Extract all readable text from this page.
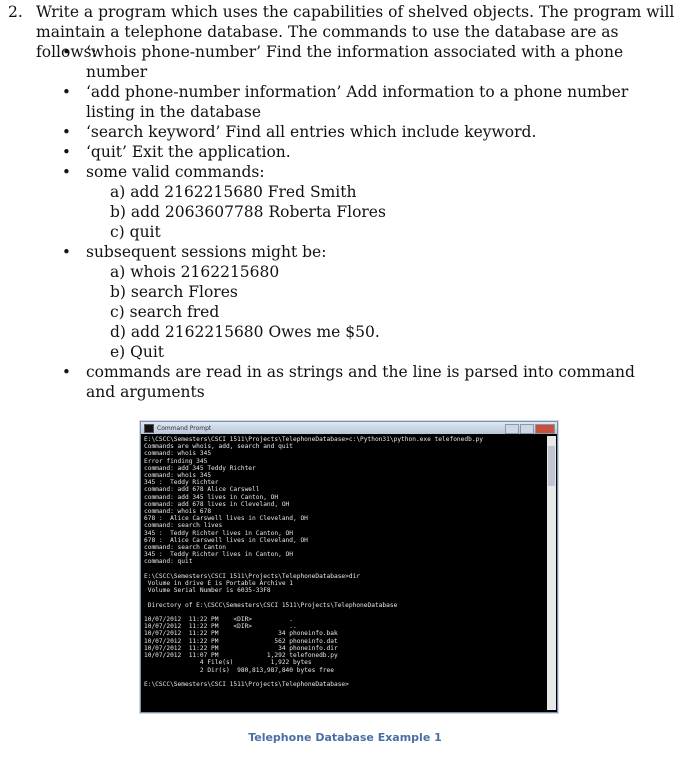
2. Write a program which uses the capabilities of shelved objects. The program will maintain a telephone database. The commands to use the database are as follows:

• ‘whois phone-number’ Find the information associated with a phone number

• ‘add phone-number information’ Add information to a phone number listing in the database

• ‘search keyword’ Find all entries which include keyword.

• ‘quit’ Exit the application.

• some valid commands:

a) add 2162215680 Fred Smith
b) add 2063607788 Roberta Flores
c) quit

• subsequent sessions might be:

a) whois 2162215680
b) search Flores
c) search fred
d) add 2162215680 Owes me $50.
e) Quit

• commands are read in as strings and the line is parsed into command and arguments

Command Prompt
E:\CSCC\Semesters\CSCI 1511\Projects\TelephoneDatabase>c:\Python31\python.exe telefonedb.py
Commands are whois, add, search and quit
command: whois 345
Error finding 345
command: add 345 Teddy Richter
command: whois 345
345 :  Teddy Richter
command: add 678 Alice Carswell
command: add 345 lives in Canton, OH
command: add 678 lives in Cleveland, OH
command: whois 678
678 :  Alice Carswell lives in Cleveland, OH
command: search lives
345 :  Teddy Richter lives in Canton, OH
678 :  Alice Carswell lives in Cleveland, OH
command: search Canton
345 :  Teddy Richter lives in Canton, OH
command: quit

E:\CSCC\Semesters\CSCI 1511\Projects\TelephoneDatabase>dir
Volume in drive E is Portable Archive 1
Volume Serial Number is 6035-33F8

Directory of E:\CSCC\Semesters\CSCI 1511\Projects\TelephoneDatabase

10/07/2012  11:22 PM    <DIR>          .
10/07/2012  11:22 PM    <DIR>          ..
10/07/2012  11:22 PM                34 phoneinfo.bak
10/07/2012  11:22 PM               562 phoneinfo.dat
10/07/2012  11:22 PM                34 phoneinfo.dir
10/07/2012  11:07 PM             1,292 telefonedb.py
4 File(s)          1,922 bytes
2 Dir(s)  980,813,987,840 bytes free

E:\CSCC\Semesters\CSCI 1511\Projects\TelephoneDatabase>
Telephone Database Example 1
